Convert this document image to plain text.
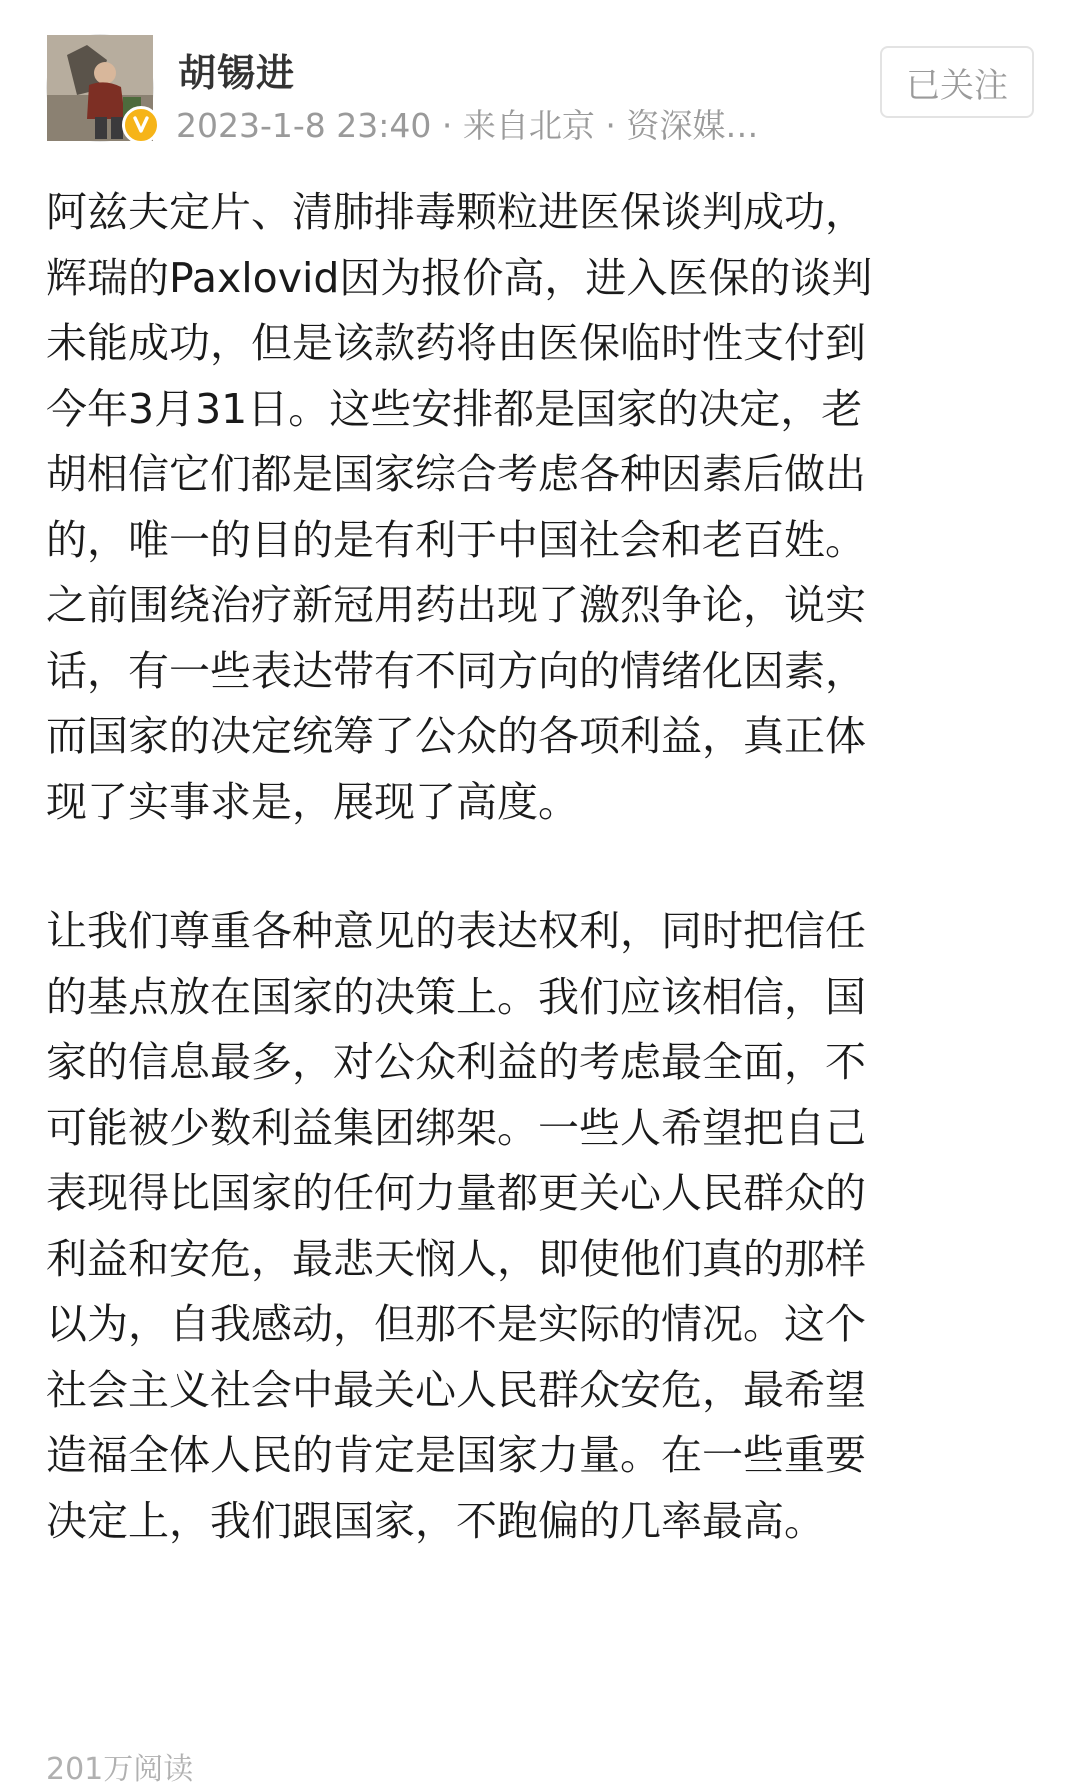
胡锡进
2023-1-8 23:40 · 来自北京 · 资深媒…
已关注
阿兹夫定片、清肺排毒颗粒进医保谈判成功，
辉瑞的Paxlovid因为报价高，进入医保的谈判
未能成功，但是该款药将由医保临时性支付到
今年3月31日。这些安排都是国家的决定，老
胡相信它们都是国家综合考虑各种因素后做出
的，唯一的目的是有利于中国社会和老百姓。
之前围绕治疗新冠用药出现了激烈争论，说实
话，有一些表达带有不同方向的情绪化因素，
而国家的决定统筹了公众的各项利益，真正体
现了实事求是，展现了高度。
让我们尊重各种意见的表达权利，同时把信任
的基点放在国家的决策上。我们应该相信，国
家的信息最多，对公众利益的考虑最全面，不
可能被少数利益集团绑架。一些人希望把自己
表现得比国家的任何力量都更关心人民群众的
利益和安危，最悲天悯人，即使他们真的那样
以为，自我感动，但那不是实际的情况。这个
社会主义社会中最关心人民群众安危，最希望
造福全体人民的肯定是国家力量。在一些重要
决定上，我们跟国家，不跑偏的几率最高。
201万阅读
